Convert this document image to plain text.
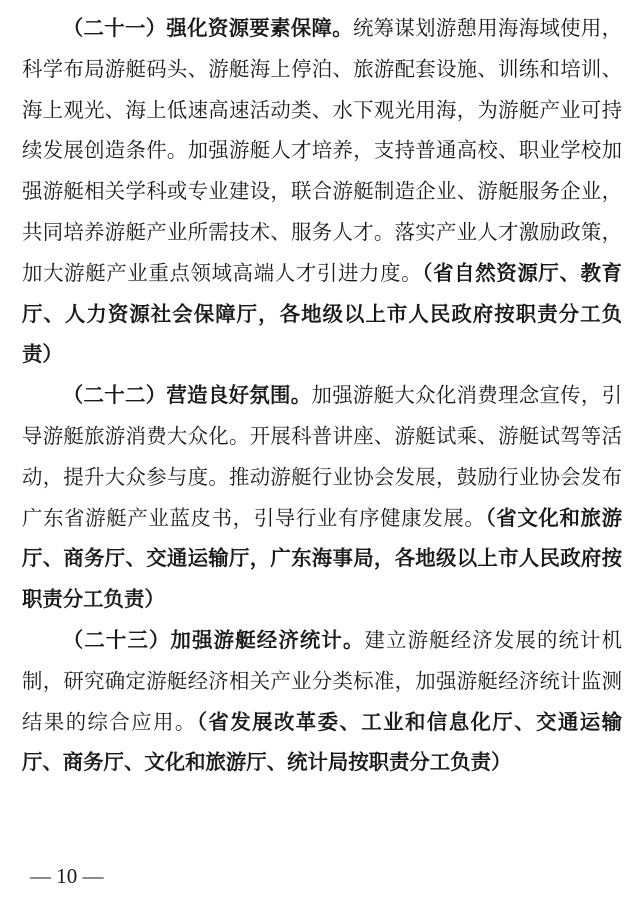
（二十一）强化资源要素保障。统筹谋划游憩用海海域使用，科学布局游艇码头、游艇海上停泊、旅游配套设施、训练和培训、海上观光、海上低速高速活动类、水下观光用海，为游艇产业可持续发展创造条件。加强游艇人才培养，支持普通高校、职业学校加强游艇相关学科或专业建设，联合游艇制造企业、游艇服务企业，共同培养游艇产业所需技术、服务人才。落实产业人才激励政策，加大游艇产业重点领域高端人才引进力度。（省自然资源厅、教育厅、人力资源社会保障厅，各地级以上市人民政府按职责分工负责）

（二十二）营造良好氛围。加强游艇大众化消费理念宣传，引导游艇旅游消费大众化。开展科普讲座、游艇试乘、游艇试驾等活动，提升大众参与度。推动游艇行业协会发展，鼓励行业协会发布广东省游艇产业蓝皮书，引导行业有序健康发展。（省文化和旅游厅、商务厅、交通运输厅，广东海事局，各地级以上市人民政府按职责分工负责）

（二十三）加强游艇经济统计。建立游艇经济发展的统计机制，研究确定游艇经济相关产业分类标准，加强游艇经济统计监测结果的综合应用。（省发展改革委、工业和信息化厅、交通运输厅、商务厅、文化和旅游厅、统计局按职责分工负责）

— 10 —
